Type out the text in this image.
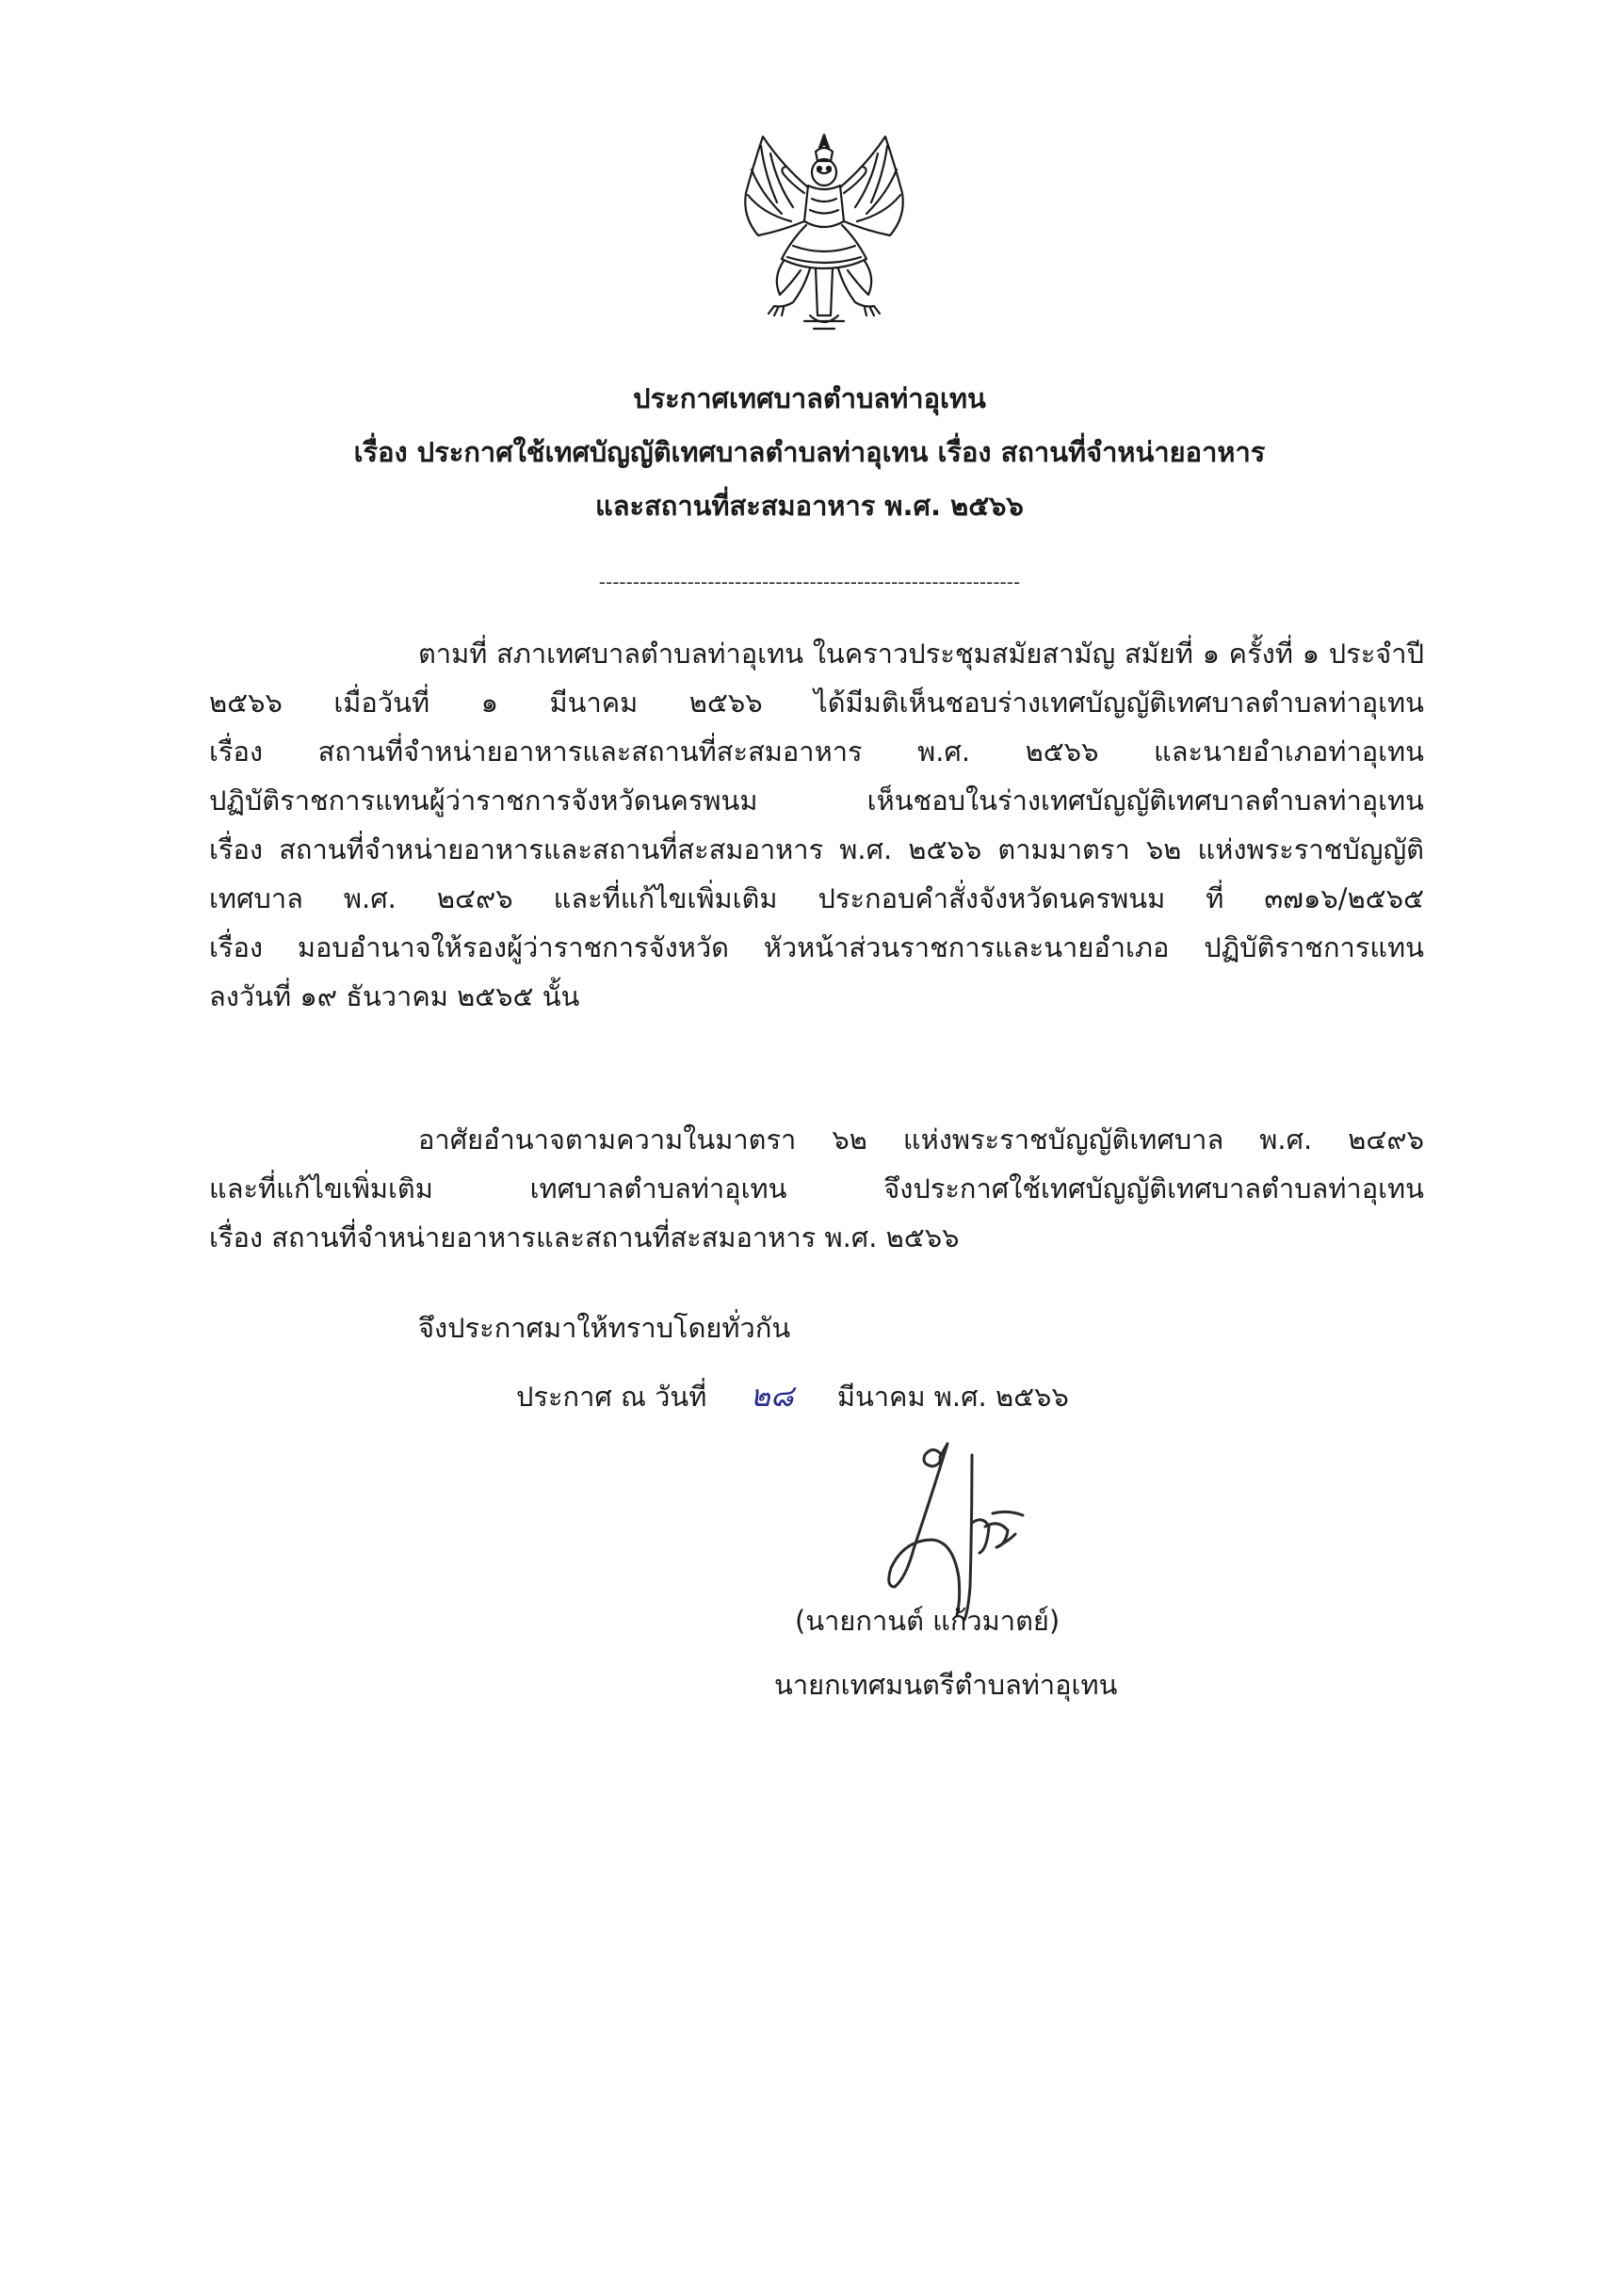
ประกาศเทศบาลตำบลท่าอุเทน
เรื่อง ประกาศใช้เทศบัญญัติเทศบาลตำบลท่าอุเทน เรื่อง สถานที่จำหน่ายอาหาร
และสถานที่สะสมอาหาร พ.ศ. ๒๕๖๖
--------------------------------------------------------------
ตามที่ สภาเทศบาลตำบลท่าอุเทน ในคราวประชุมสมัยสามัญ สมัยที่ ๑ ครั้งที่ ๑ ประจำปี
๒๕๖๖ เมื่อวันที่ ๑ มีนาคม ๒๕๖๖ ได้มีมติเห็นชอบร่างเทศบัญญัติเทศบาลตำบลท่าอุเทน
เรื่อง สถานที่จำหน่ายอาหารและสถานที่สะสมอาหาร พ.ศ. ๒๕๖๖ และนายอำเภอท่าอุเทน
ปฏิบัติราชการแทนผู้ว่าราชการจังหวัดนครพนม เห็นชอบในร่างเทศบัญญัติเทศบาลตำบลท่าอุเทน
เรื่อง สถานที่จำหน่ายอาหารและสถานที่สะสมอาหาร พ.ศ. ๒๕๖๖ ตามมาตรา ๖๒ แห่งพระราชบัญญัติ
เทศบาล พ.ศ. ๒๔๙๖ และที่แก้ไขเพิ่มเติม ประกอบคำสั่งจังหวัดนครพนม ที่ ๓๗๑๖/๒๕๖๕
เรื่อง มอบอำนาจให้รองผู้ว่าราชการจังหวัด หัวหน้าส่วนราชการและนายอำเภอ ปฏิบัติราชการแทน
ลงวันที่ ๑๙ ธันวาคม ๒๕๖๕ นั้น
อาศัยอำนาจตามความในมาตรา ๖๒ แห่งพระราชบัญญัติเทศบาล พ.ศ. ๒๔๙๖
และที่แก้ไขเพิ่มเติม เทศบาลตำบลท่าอุเทน จึงประกาศใช้เทศบัญญัติเทศบาลตำบลท่าอุเทน
เรื่อง สถานที่จำหน่ายอาหารและสถานที่สะสมอาหาร พ.ศ. ๒๕๖๖
จึงประกาศมาให้ทราบโดยทั่วกัน
ประกาศ ณ วันที่ ๒๘ มีนาคม พ.ศ. ๒๕๖๖
(นายกานต์ แก้วมาตย์)
นายกเทศมนตรีตำบลท่าอุเทน
